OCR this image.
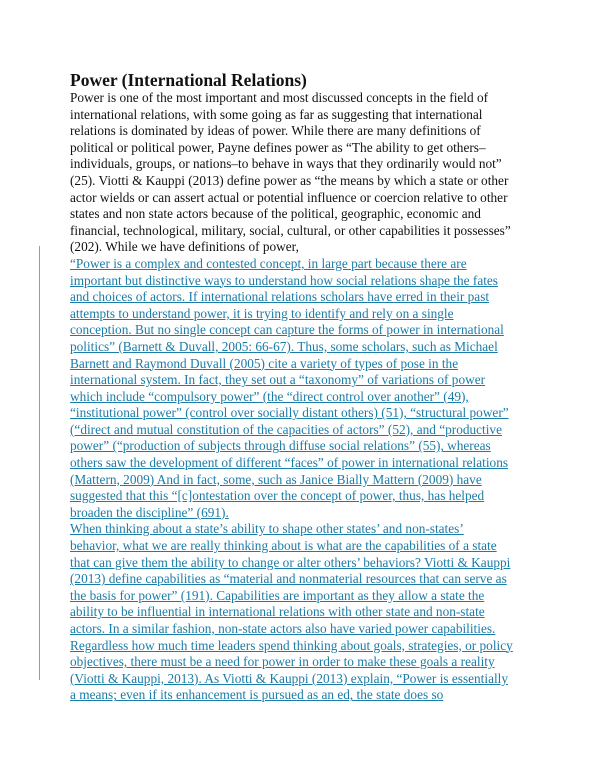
Power (International Relations)
Power is one of the most important and most discussed concepts in the field of
international relations, with some going as far as suggesting that international
relations is dominated by ideas of power. While there are many definitions of
political or political power, Payne defines power as “The ability to get others–
individuals, groups, or nations–to behave in ways that they ordinarily would not”
(25). Viotti & Kauppi (2013) define power as “the means by which a state or other
actor wields or can assert actual or potential influence or coercion relative to other
states and non state actors because of the political, geographic, economic and
financial, technological, military, social, cultural, or other capabilities it possesses”
(202). While we have definitions of power,
“Power is a complex and contested concept, in large part because there are
important but distinctive ways to understand how social relations shape the fates
and choices of actors. If international relations scholars have erred in their past
attempts to understand power, it is trying to identify and rely on a single
conception. But no single concept can capture the forms of power in international
politics” (Barnett & Duvall, 2005: 66-67). Thus, some scholars, such as Michael
Barnett and Raymond Duvall (2005) cite a variety of types of pose in the
international system. In fact, they set out a “taxonomy” of variations of power
which include “compulsory power” (the “direct control over another” (49),
“institutional power” (control over socially distant others) (51), “structural power”
(“direct and mutual constitution of the capacities of actors” (52), and “productive
power” (“production of subjects through diffuse social relations” (55), whereas
others saw the development of different “faces” of power in international relations
(Mattern, 2009) And in fact, some, such as Janice Bially Mattern (2009) have
suggested that this “[c]ontestation over the concept of power, thus, has helped
broaden the discipline” (691).
When thinking about a state’s ability to shape other states’ and non-states’
behavior, what we are really thinking about is what are the capabilities of a state
that can give them the ability to change or alter others’ behaviors? Viotti & Kauppi
(2013) define capabilities as “material and nonmaterial resources that can serve as
the basis for power” (191). Capabilities are important as they allow a state the
ability to be influential in international relations with other state and non-state
actors. In a similar fashion, non-state actors also have varied power capabilities.
Regardless how much time leaders spend thinking about goals, strategies, or policy
objectives, there must be a need for power in order to make these goals a reality
(Viotti & Kauppi, 2013). As Viotti & Kauppi (2013) explain, “Power is essentially
a means; even if its enhancement is pursued as an ed, the state does so
